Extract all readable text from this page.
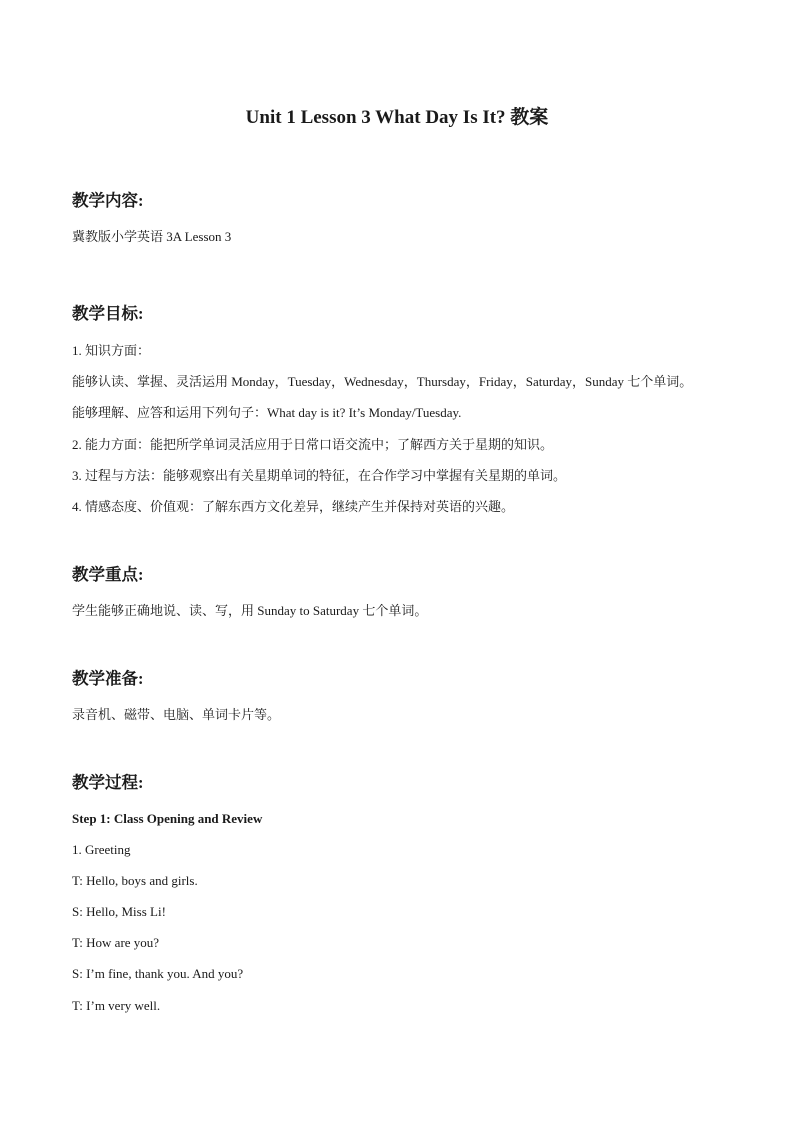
Unit 1 Lesson 3 What Day Is It? 教案
教学内容:
冀教版小学英语 3A Lesson 3
教学目标:
1. 知识方面：
能够认读、掌握、灵活运用 Monday，Tuesday，Wednesday，Thursday，Friday，Saturday，Sunday 七个单词。
能够理解、应答和运用下列句子：What day is it? It’s Monday/Tuesday.
2. 能力方面：能把所学单词灵活应用于日常口语交流中；了解西方关于星期的知识。
3. 过程与方法：能够观察出有关星期单词的特征，在合作学习中掌握有关星期的单词。
4. 情感态度、价值观：了解东西方文化差异，继续产生并保持对英语的兴趣。
教学重点:
学生能够正确地说、读、写，用 Sunday to Saturday 七个单词。
教学准备:
录音机、磁带、电脑、单词卡片等。
教学过程:
Step 1: Class Opening and Review
1. Greeting
T: Hello, boys and girls.
S: Hello, Miss Li!
T: How are you?
S: I’m fine, thank you. And you?
T: I’m very well.
